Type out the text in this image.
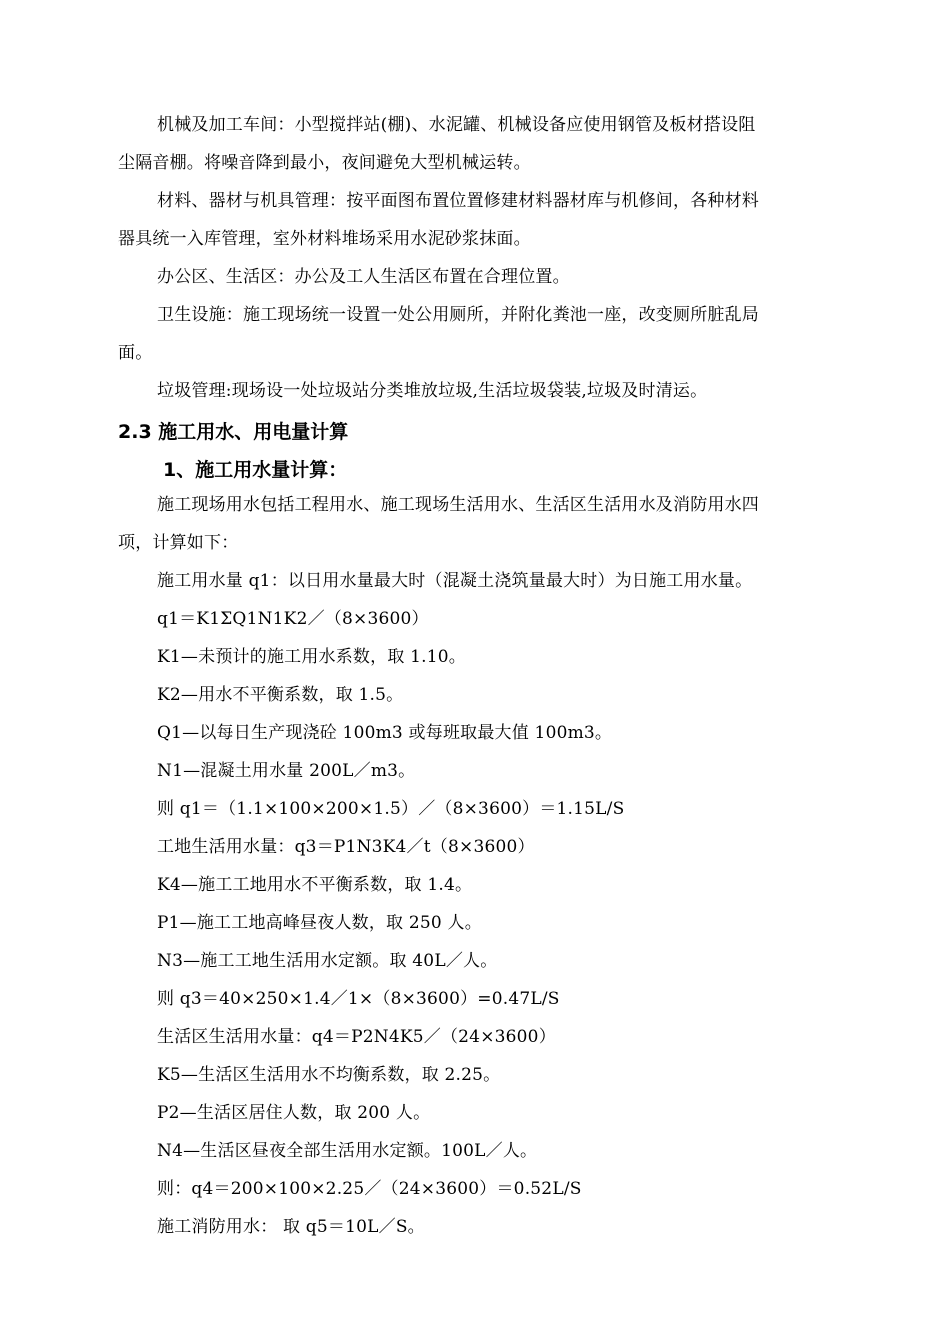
机械及加工车间：小型搅拌站(棚)、水泥罐、机械设备应使用钢管及板材搭设阻
尘隔音棚。将噪音降到最小，夜间避免大型机械运转。
材料、器材与机具管理：按平面图布置位置修建材料器材库与机修间，各种材料
器具统一入库管理，室外材料堆场采用水泥砂浆抹面。
办公区、生活区：办公及工人生活区布置在合理位置。
卫生设施：施工现场统一设置一处公用厕所，并附化粪池一座，改变厕所脏乱局
面。
垃圾管理:现场设一处垃圾站分类堆放垃圾,生活垃圾袋装,垃圾及时清运。
2.3 施工用水、用电量计算
1、施工用水量计算：
施工现场用水包括工程用水、施工现场生活用水、生活区生活用水及消防用水四
项，计算如下：
施工用水量 q1：以日用水量最大时（混凝土浇筑量最大时）为日施工用水量。
q1＝K1ΣQ1N1K2／（8×3600）
K1—未预计的施工用水系数，取 1.10。
K2—用水不平衡系数，取 1.5。
Q1—以每日生产现浇砼 100m3 或每班取最大值 100m3。
N1—混凝土用水量 200L／m3。
则 q1＝（1.1×100×200×1.5）／（8×3600）＝1.15L/S
工地生活用水量：q3＝P1N3K4／t（8×3600）
K4—施工工地用水不平衡系数，取 1.4。
P1—施工工地高峰昼夜人数，取 250 人。
N3—施工工地生活用水定额。取 40L／人。
则 q3＝40×250×1.4／1×（8×3600）=0.47L/S
生活区生活用水量：q4＝P2N4K5／（24×3600）
K5—生活区生活用水不均衡系数，取 2.25。
P2—生活区居住人数，取 200 人。
N4—生活区昼夜全部生活用水定额。100L／人。
则：q4＝200×100×2.25／（24×3600）＝0.52L/S
施工消防用水： 取 q5＝10L／S。
